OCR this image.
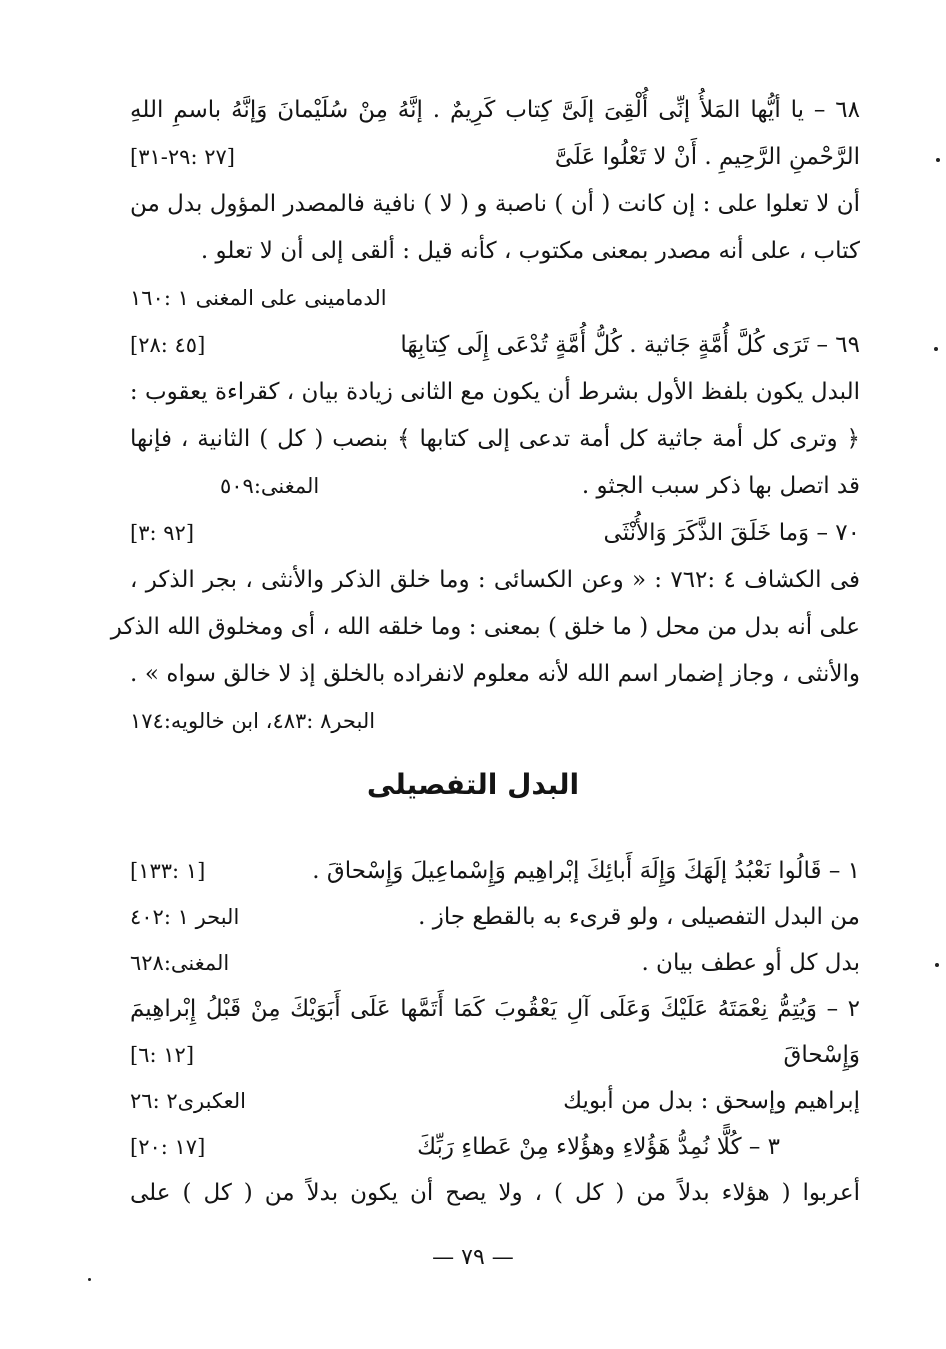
٦٨ – يا أيُّها المَلأُ إنِّى أُلْقِىَ إلَىَّ كِتاب كَرِيمٌ . إنَّهُ مِنْ سُلَيْمانَ وَإنَّهُ باسمِ اللهِ
الرَّحْمنِ الرَّحِيمِ . أَنْ لا تَعْلُوا عَلَىَّ
[٢٧ :٢٩-٣١]
أن لا تعلوا على : إن كانت ( أن ) ناصبة و ( لا ) نافية فالمصدر المؤول بدل من
كتاب ، على أنه مصدر بمعنى مكتوب ، كأنه قيل : ألقى إلى أن لا تعلو .
الدمامينى على المغنى ١ :١٦٠
٦٩ – تَرَى كُلَّ أُمَّةٍ جَاثية . كُلُّ أُمَّةٍ تُدْعَى إِلَى كِتابِهَا
[٤٥ :٢٨]
البدل يكون بلفظ الأول بشرط أن يكون مع الثانى زيادة بيان ، كقراءة يعقوب :
﴿ وترى كل أمة جاثية كل أمة تدعى إلى كتابها ﴾ بنصب ( كل ) الثانية ، فإنها
قد اتصل بها ذكر سبب الجثو .
المغنى:٥٠٩
٧٠ – وَما خَلَقَ الذَّكَرَ وَالأُنْثَى
[٩٢ :٣]
فى الكشاف ٤ :٧٦٢ : « وعن الكسائى : وما خلق الذكر والأنثى ، بجر الذكر ،
على أنه بدل من محل ( ما خلق ) بمعنى : وما خلقه الله ، أى ومخلوق الله الذكر
والأنثى ، وجاز إضمار اسم الله لأنه معلوم لانفراده بالخلق إذ لا خالق سواه » .
البحر٨ :٤٨٣، ابن خالويه:١٧٤
البدل التفصيلى
١ – قَالُوا نَعْبُدُ إلَهَكَ وَإِلَهَ أَبائِكَ إبْراهِيم وَإِسْماعِيلَ وَإِسْحاقَ .
[١ :١٣٣]
من البدل التفصيلى ، ولو قرىء به بالقطع جاز .
البحر ١ :٤٠٢
بدل كل أو عطف بيان .
المغنى:٦٢٨
٢ – وَيُتِمُّ نِعْمَتَهُ عَلَيْكَ وَعَلَى آلِ يَعْقُوبَ كَمَا أَتَمَّها عَلَى أَبَوَيْكَ مِنْ قَبْلُ إِبْراهِيمَ
وَإِسْحاقَ
[١٢ :٦]
إبراهيم وإسحق : بدل من أبويك
العكبرى٢ :٢٦
٣ – كُلًّا نُمِدُّ هَؤُلاءِ وهؤُلاء مِنْ عَطاءِ رَبِّكَ
[١٧ :٢٠]
أعربوا ( هؤلاء بدلاً من ( كل ) ، ولا يصح أن يكون بدلاً من ( كل ) على
— ٧٩ —
